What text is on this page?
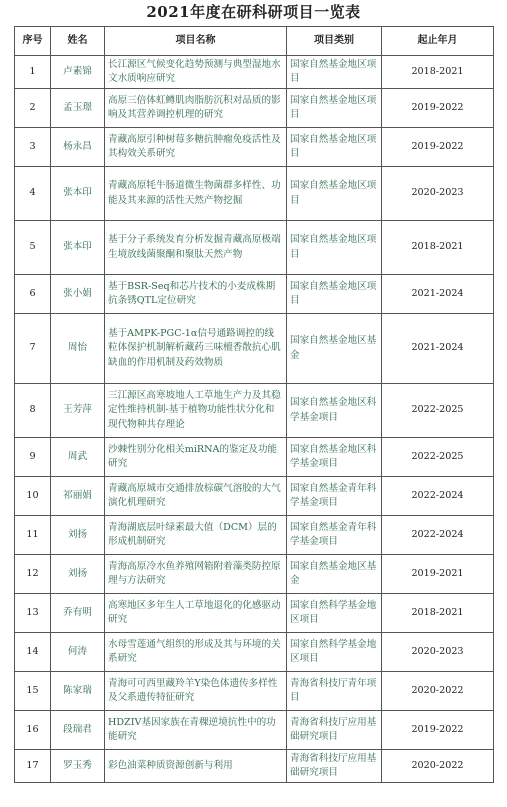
2021年度在研科研项目一览表
序号	姓名	项目名称	项目类别	起止年月
1	卢素锦	长江源区气候变化趋势预测与典型湿地水文水质响应研究	国家自然基金地区项目	2018-2021
2	孟玉璟	高原三倍体虹鳟肌肉脂肪沉积对品质的影响及其营养调控机理的研究	国家自然基金地区项目	2019-2022
3	杨永昌	青藏高原引种树莓多糖抗肿瘤免疫活性及其构效关系研究	国家自然基金地区项目	2019-2022
4	张本印	青藏高原牦牛肠道微生物菌群多样性、功能及其来源的活性天然产物挖掘	国家自然基金地区项目	2020-2023
5	张本印	基于分子系统发育分析发掘青藏高原极端生境放线菌聚酮和聚肽天然产物	国家自然基金地区项目	2018-2021
6	张小娟	基于BSR-Seq和芯片技术的小麦成株期抗条锈QTL定位研究	国家自然基金地区项目	2021-2024
7	周怡	基于AMPK-PGC-1α信号通路调控的线粒体保护机制解析藏药三味檀香散抗心肌缺血的作用机制及药效物质	国家自然基金地区基金	2021-2024
8	王芳萍	三江源区高寒坡地人工草地生产力及其稳定性维持机制-基于植物功能性状分化和现代物种共存理论	国家自然基金地区科学基金项目	2022-2025
9	周武	沙棘性别分化相关miRNA的鉴定及功能研究	国家自然基金地区科学基金项目	2022-2025
10	祁丽娟	青藏高原城市交通排放棕碳气溶胶的大气演化机理研究	国家自然基金青年科学基金项目	2022-2024
11	刘扬	青海湖底层叶绿素最大值（DCM）层的形成机制研究	国家自然基金青年科学基金项目	2022-2024
12	刘扬	青海高原冷水鱼养殖网箱附着藻类防控原理与方法研究	国家自然基金地区基金	2019-2021
13	乔有明	高寒地区多年生人工草地退化的化感驱动研究	国家自然科学基金地区项目	2018-2021
14	何涛	水母雪莲通气组织的形成及其与环境的关系研究	国家自然科学基金地区项目	2020-2023
15	陈家瑞	青海可可西里藏羚羊Y染色体遗传多样性及父系遗传特征研究	青海省科技厅青年项目	2020-2022
16	段瑞君	HDZIV基因家族在青稞逆境抗性中的功能研究	青海省科技厅应用基础研究项目	2019-2022
17	罗玉秀	彩色油菜种质资源创新与利用	青海省科技厅应用基础研究项目	2020-2022
